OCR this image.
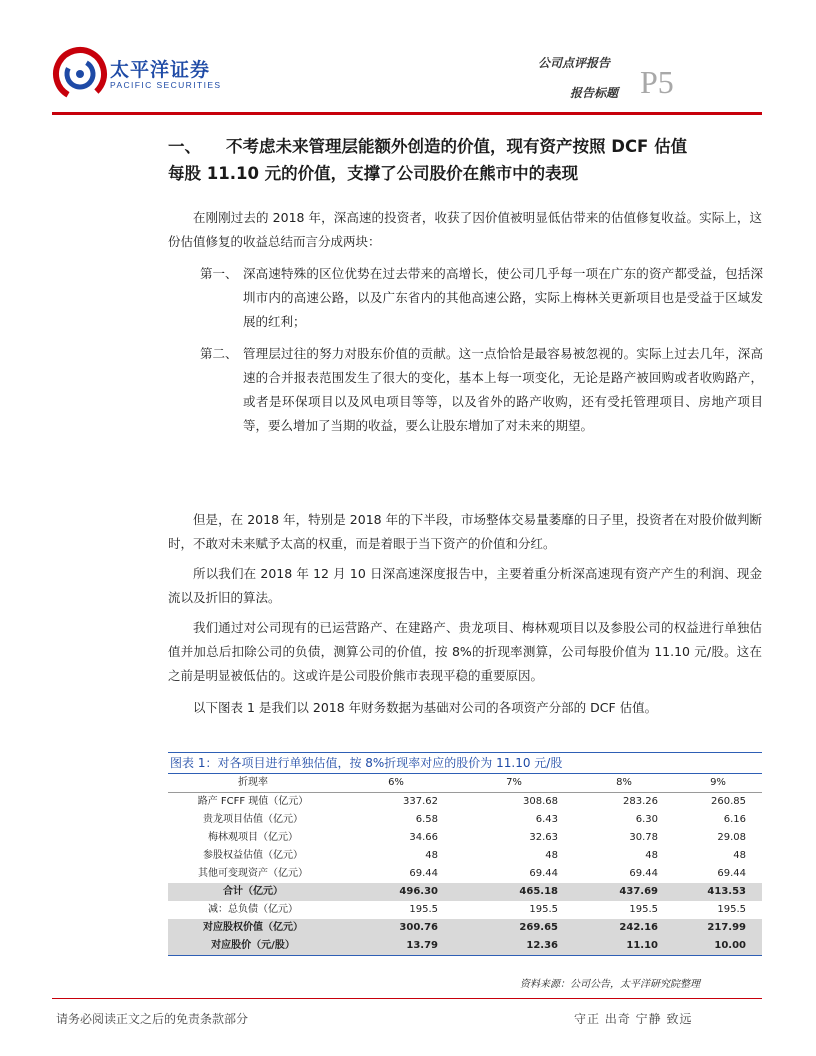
太平洋证券
PACIFIC SECURITIES
公司点评报告
报告标题 P5
一、 不考虑未来管理层能额外创造的价值，现有资产按照 DCF 估值
每股 11.10 元的价值，支撑了公司股价在熊市中的表现
在刚刚过去的 2018 年，深高速的投资者，收获了因价值被明显低估带来的估值修复收益。实际上，这份估值修复的收益总结而言分成两块：
第一、 深高速特殊的区位优势在过去带来的高增长，使公司几乎每一项在广东的资产都受益，包括深圳市内的高速公路，以及广东省内的其他高速公路，实际上梅林关更新项目也是受益于区域发展的红利；
第二、 管理层过往的努力对股东价值的贡献。这一点恰恰是最容易被忽视的。实际上过去几年，深高速的合并报表范围发生了很大的变化，基本上每一项变化，无论是路产被回购或者收购路产，或者是环保项目以及风电项目等等，以及省外的路产收购，还有受托管理项目、房地产项目等，要么增加了当期的收益，要么让股东增加了对未来的期望。
但是，在 2018 年，特别是 2018 年的下半段，市场整体交易量萎靡的日子里，投资者在对股价做判断时，不敢对未来赋予太高的权重，而是着眼于当下资产的价值和分红。
所以我们在 2018 年 12 月 10 日深高速深度报告中，主要着重分析深高速现有资产产生的利润、现金流以及折旧的算法。
我们通过对公司现有的已运营路产、在建路产、贵龙项目、梅林观项目以及参股公司的权益进行单独估值并加总后扣除公司的负债，测算公司的价值，按 8%的折现率测算，公司每股价值为 11.10 元/股。这在之前是明显被低估的。这或许是公司股价熊市表现平稳的重要原因。
以下图表 1 是我们以 2018 年财务数据为基础对公司的各项资产分部的 DCF 估值。
图表 1：对各项目进行单独估值，按 8%折现率对应的股价为 11.10 元/股
折现率	6%	7%	8%	9%
路产 FCFF 现值（亿元）	337.62	308.68	283.26	260.85
贵龙项目估值（亿元）	6.58	6.43	6.30	6.16
梅林观项目（亿元）	34.66	32.63	30.78	29.08
参股权益估值（亿元）	48	48	48	48
其他可变现资产（亿元）	69.44	69.44	69.44	69.44
合计（亿元）	496.30	465.18	437.69	413.53
减：总负债（亿元）	195.5	195.5	195.5	195.5
对应股权价值（亿元）	300.76	269.65	242.16	217.99
对应股价（元/股）	13.79	12.36	11.10	10.00
资料来源：公司公告，太平洋研究院整理
请务必阅读正文之后的免责条款部分	守正 出奇 宁静 致远
